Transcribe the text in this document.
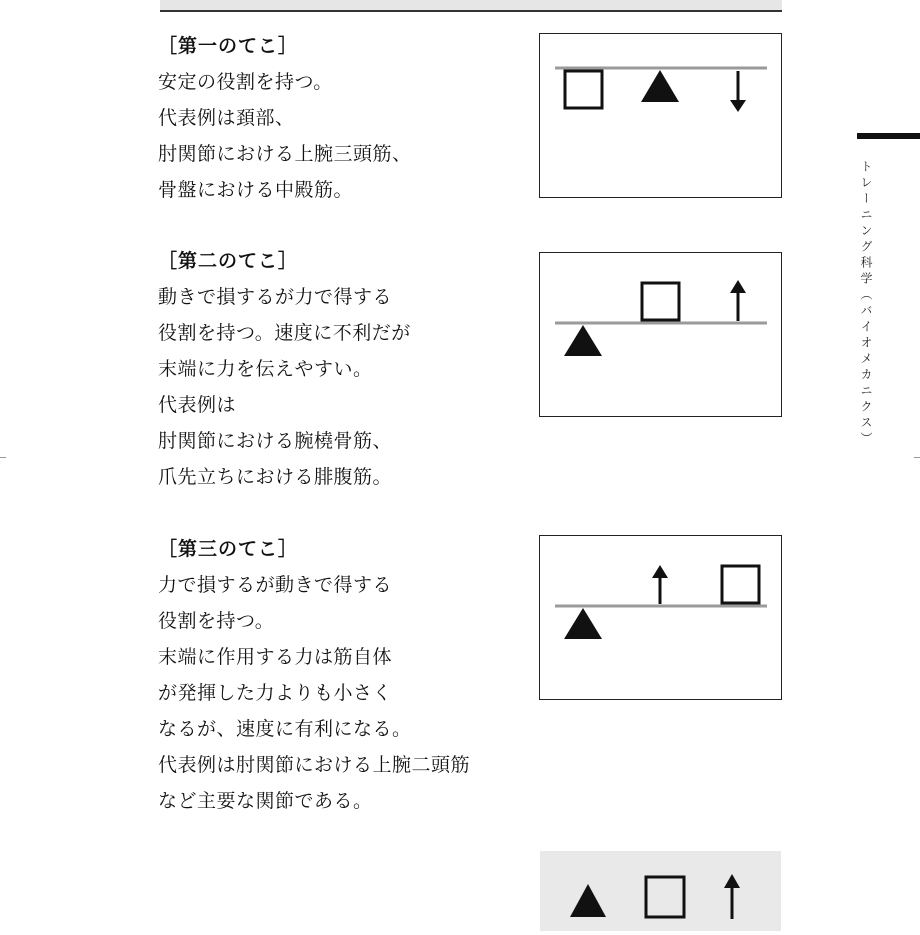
［第一のてこ］
安定の役割を持つ。
代表例は頚部、
肘関節における上腕三頭筋、
骨盤における中殿筋。
［第二のてこ］
動きで損するが力で得する
役割を持つ。速度に不利だが
末端に力を伝えやすい。
代表例は
肘関節における腕橈骨筋、
爪先立ちにおける腓腹筋。
［第三のてこ］
力で損するが動きで得する
役割を持つ。
末端に作用する力は筋自体
が発揮した力よりも小さく
なるが、速度に有利になる。
代表例は肘関節における上腕二頭筋
など主要な関節である。
トレーニング科学（バイオメカニクス）
